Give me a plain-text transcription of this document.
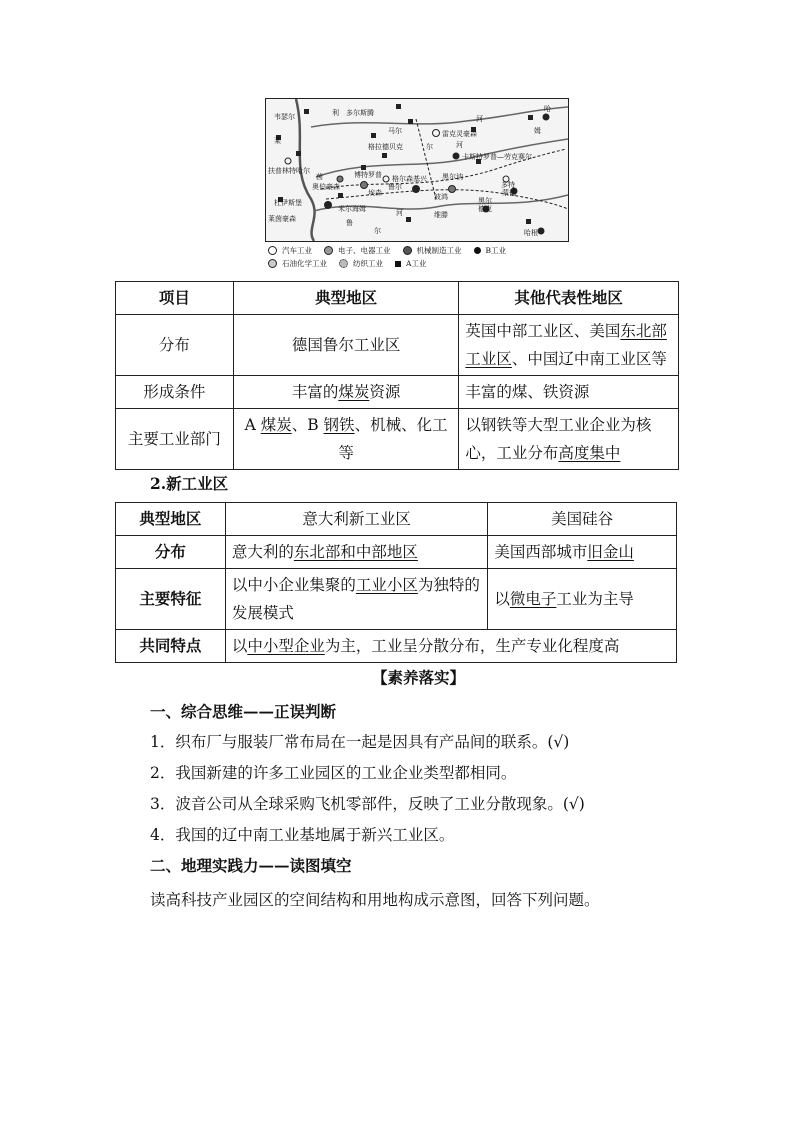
韦瑟尔	利 多尔斯腾
马尔	雷克灵豪森
哈
河
姆
格拉德贝克	尔	河
卡斯特罗普—劳克赛尔
博特罗普	黑尔讷
莱
茵
多特
蒙德
扶普林特哈尔
奥伯豪森
埃森
鲁尔
格尔森基兴
波鸿	黑尔
德克
杜伊斯堡
米尔海姆	河	维滕
哈根
莱茵豪森	鲁
尔
汽车工业	电子、电器工业	机械制造工业	B工业
石油化学工业	纺织工业	A工业
项目	典型地区	其他代表性地区
分布	德国鲁尔工业区	英国中部工业区、美国东北部工业区、中国辽中南工业区等
形成条件	丰富的煤炭资源	丰富的煤、铁资源
主要工业部门	A 煤炭、B 钢铁、机械、化工等	以钢铁等大型工业企业为核心，工业分布高度集中
2.新工业区
典型地区	意大利新工业区	美国硅谷
分布	意大利的东北部和中部地区	美国西部城市旧金山
主要特征	以中小企业集聚的工业小区为独特的发展模式	以微电子工业为主导
共同特点	以中小型企业为主，工业呈分散分布，生产专业化程度高	
【素养落实】
一、综合思维——正误判断
1．织布厂与服装厂常布局在一起是因具有产品间的联系。(√)
2．我国新建的许多工业园区的工业企业类型都相同。
3．波音公司从全球采购飞机零部件，反映了工业分散现象。(√)
4．我国的辽中南工业基地属于新兴工业区。
二、地理实践力——读图填空
读高科技产业园区的空间结构和用地构成示意图，回答下列问题。
